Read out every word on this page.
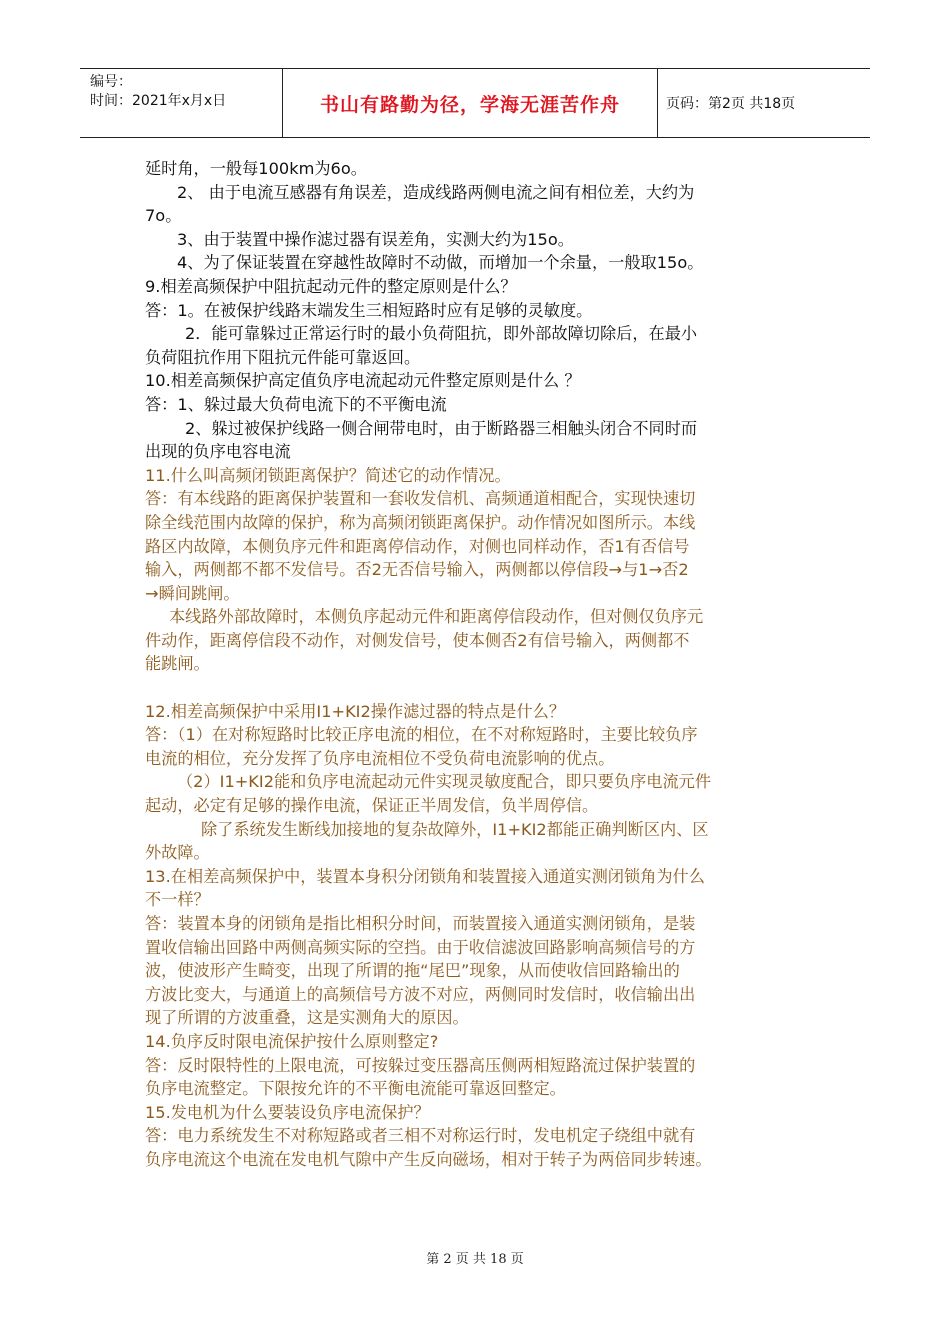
编号：
时间：2021年x月x日	书山有路勤为径，学海无涯苦作舟	页码：第2页 共18页
延时角，一般每100km为6o。
2、 由于电流互感器有角误差，造成线路两侧电流之间有相位差，大约为
7o。
3、由于装置中操作滤过器有误差角，实测大约为15o。
4、为了保证装置在穿越性故障时不动做，而增加一个余量，一般取15o。
9.相差高频保护中阻抗起动元件的整定原则是什么？
答：1。在被保护线路末端发生三相短路时应有足够的灵敏度。
2．能可靠躲过正常运行时的最小负荷阻抗，即外部故障切除后，在最小
负荷阻抗作用下阻抗元件能可靠返回。
10.相差高频保护高定值负序电流起动元件整定原则是什么 ？
答：1、躲过最大负荷电流下的不平衡电流
2、躲过被保护线路一侧合闸带电时，由于断路器三相触头闭合不同时而
出现的负序电容电流
11.什么叫高频闭锁距离保护？简述它的动作情况。
答：有本线路的距离保护装置和一套收发信机、高频通道相配合，实现快速切
除全线范围内故障的保护，称为高频闭锁距离保护。动作情况如图所示。本线
路区内故障，本侧负序元件和距离停信动作，对侧也同样动作，否1有否信号
输入，两侧都不都不发信号。否2无否信号输入，两侧都以停信段→与1→否2
→瞬间跳闸。
本线路外部故障时，本侧负序起动元件和距离停信段动作，但对侧仅负序元
件动作，距离停信段不动作，对侧发信号，使本侧否2有信号输入，两侧都不
能跳闸。
12.相差高频保护中采用I1+KI2操作滤过器的特点是什么？
答：（1）在对称短路时比较正序电流的相位，在不对称短路时，主要比较负序
电流的相位，充分发挥了负序电流相位不受负荷电流影响的优点。
（2）I1+KI2能和负序电流起动元件实现灵敏度配合，即只要负序电流元件
起动，必定有足够的操作电流，保证正半周发信，负半周停信。
除了系统发生断线加接地的复杂故障外，I1+KI2都能正确判断区内、区
外故障。
13.在相差高频保护中，装置本身积分闭锁角和装置接入通道实测闭锁角为什么
不一样？
答：装置本身的闭锁角是指比相积分时间，而装置接入通道实测闭锁角，是装
置收信输出回路中两侧高频实际的空挡。由于收信滤波回路影响高频信号的方
波，使波形产生畸变，出现了所谓的拖“尾巴”现象，从而使收信回路输出的
方波比变大，与通道上的高频信号方波不对应，两侧同时发信时，收信输出出
现了所谓的方波重叠，这是实测角大的原因。
14.负序反时限电流保护按什么原则整定?
答：反时限特性的上限电流，可按躲过变压器高压侧两相短路流过保护装置的
负序电流整定。下限按允许的不平衡电流能可靠返回整定。
15.发电机为什么要装设负序电流保护？
答：电力系统发生不对称短路或者三相不对称运行时，发电机定子绕组中就有
负序电流这个电流在发电机气隙中产生反向磁场，相对于转子为两倍同步转速。
第 2 页 共 18 页
